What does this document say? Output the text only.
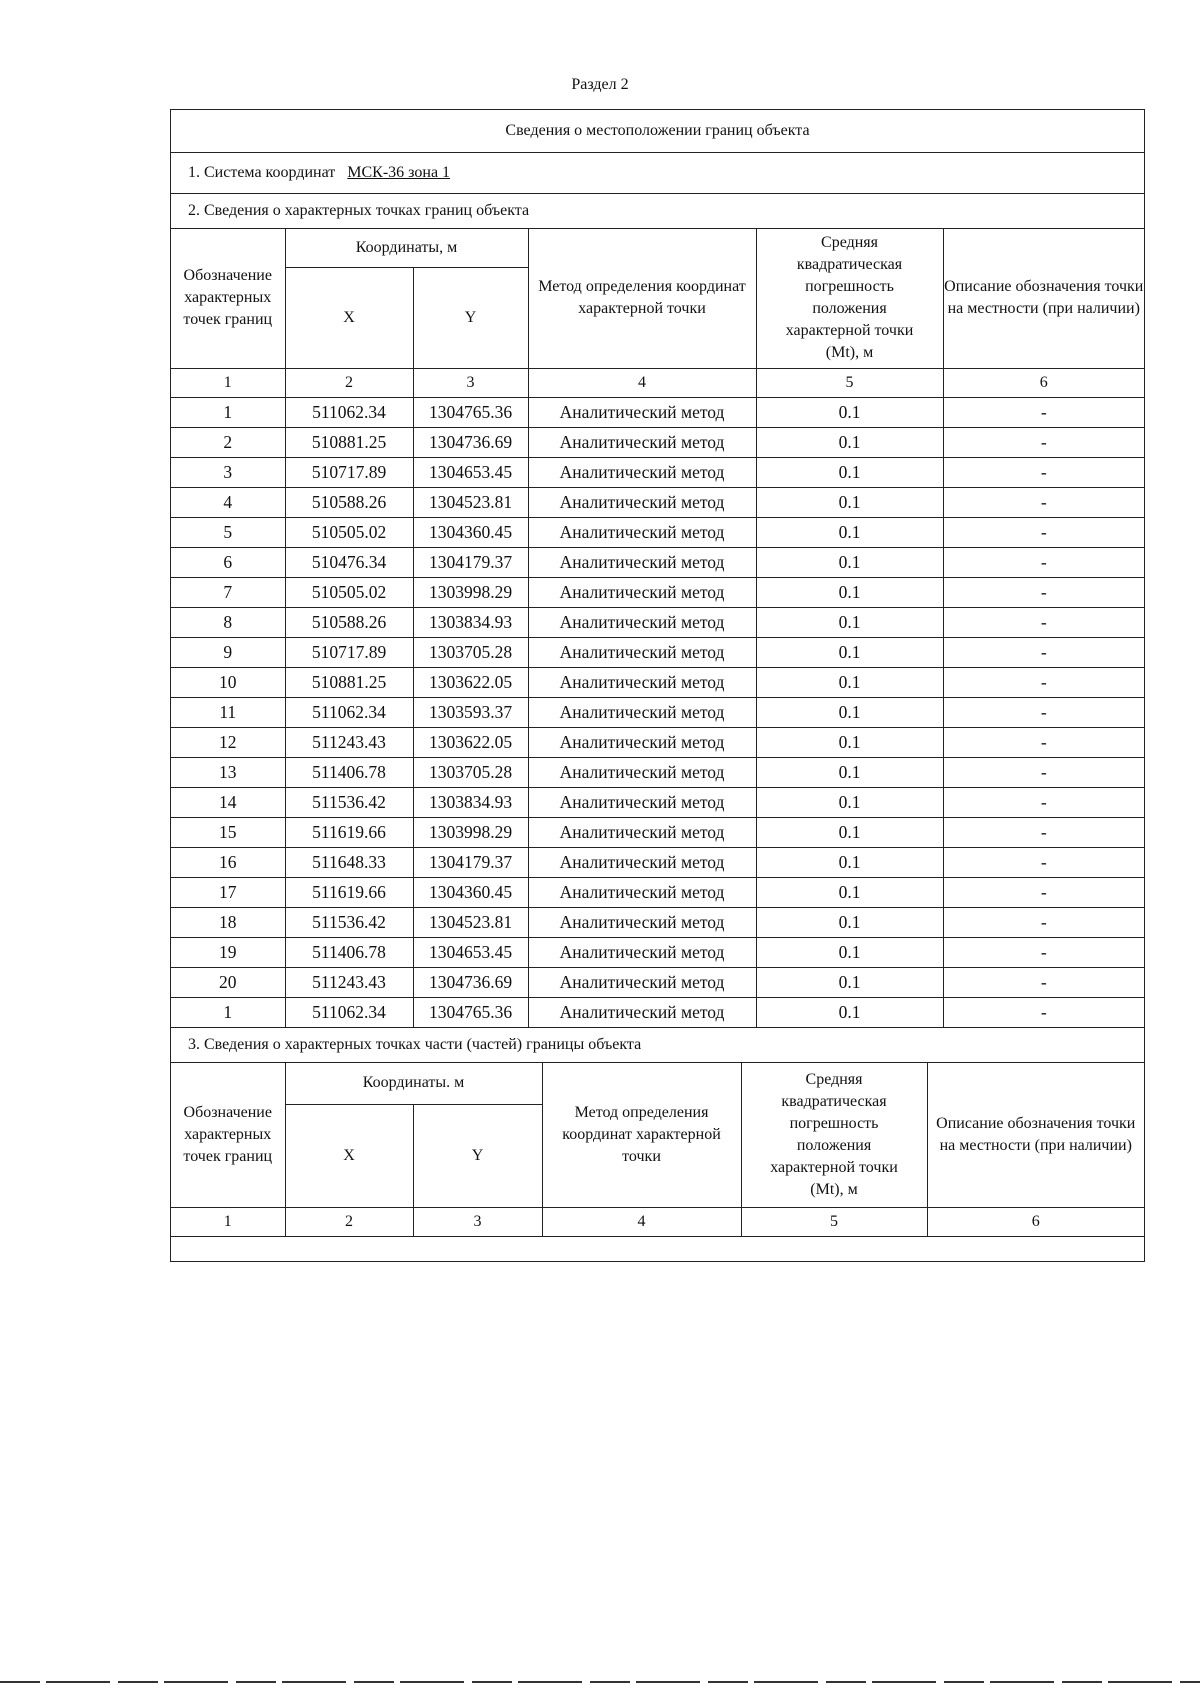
Раздел 2
Сведения о местоположении границ объекта
1. Система координат МСК-36 зона 1
2. Сведения о характерных точках границ объекта
Обозначение характерных точек границ	Координаты, м		Метод определения координат характерной точки	Средняя квадратическая погрешность положения характерной точки (Mt), м	Описание обозначения точки на местности (при наличии)
	X	Y			
1	2	3	4	5	6
1	511062.34	1304765.36	Аналитический метод	0.1	-
2	510881.25	1304736.69	Аналитический метод	0.1	-
3	510717.89	1304653.45	Аналитический метод	0.1	-
4	510588.26	1304523.81	Аналитический метод	0.1	-
5	510505.02	1304360.45	Аналитический метод	0.1	-
6	510476.34	1304179.37	Аналитический метод	0.1	-
7	510505.02	1303998.29	Аналитический метод	0.1	-
8	510588.26	1303834.93	Аналитический метод	0.1	-
9	510717.89	1303705.28	Аналитический метод	0.1	-
10	510881.25	1303622.05	Аналитический метод	0.1	-
11	511062.34	1303593.37	Аналитический метод	0.1	-
12	511243.43	1303622.05	Аналитический метод	0.1	-
13	511406.78	1303705.28	Аналитический метод	0.1	-
14	511536.42	1303834.93	Аналитический метод	0.1	-
15	511619.66	1303998.29	Аналитический метод	0.1	-
16	511648.33	1304179.37	Аналитический метод	0.1	-
17	511619.66	1304360.45	Аналитический метод	0.1	-
18	511536.42	1304523.81	Аналитический метод	0.1	-
19	511406.78	1304653.45	Аналитический метод	0.1	-
20	511243.43	1304736.69	Аналитический метод	0.1	-
1	511062.34	1304765.36	Аналитический метод	0.1	-
3. Сведения о характерных точках части (частей) границы объекта
Обозначение характерных точек границ	Координаты. м		Метод определения координат характерной точки	Средняя квадратическая погрешность положения характерной точки (Mt), м	Описание обозначения точки на местности (при наличии)
	X	Y			
1	2	3	4	5	6
